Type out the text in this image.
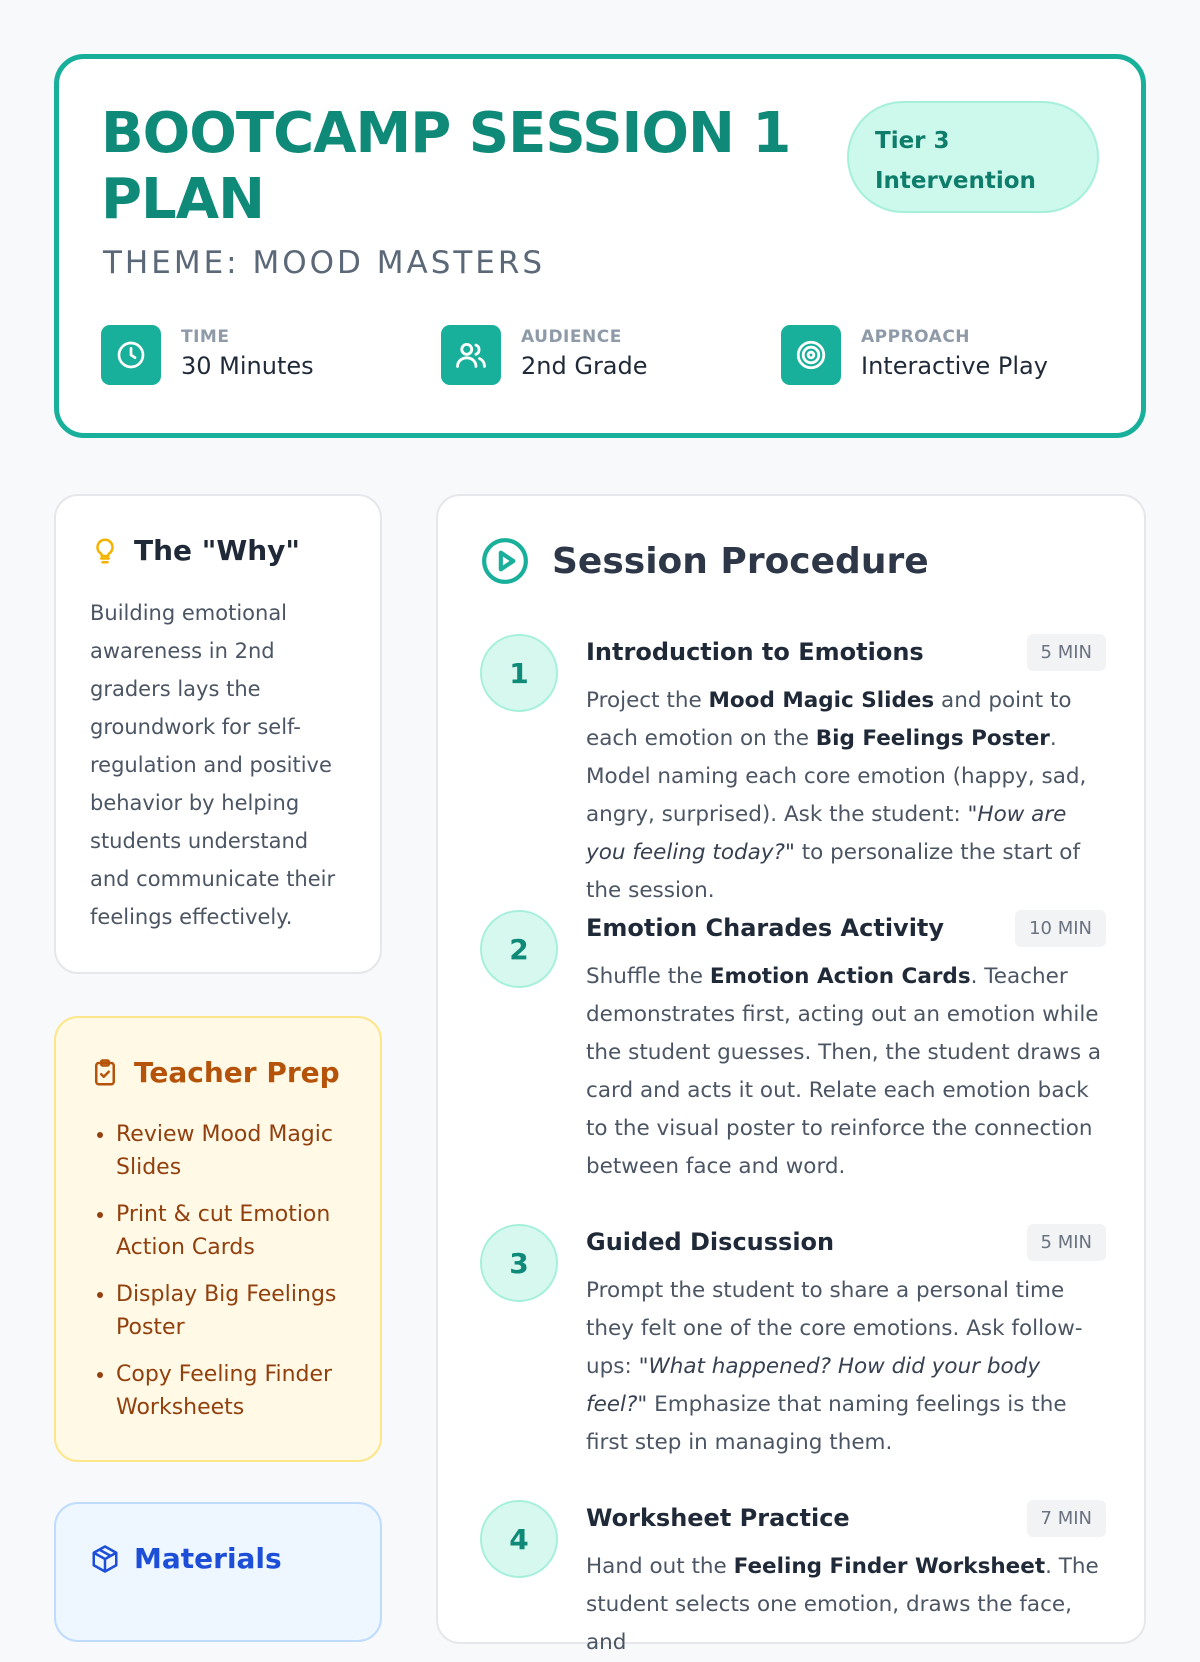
BOOTCAMP SESSION 1 PLAN
THEME: MOOD MASTERS
Tier 3
Intervention
TIME
30 Minutes
AUDIENCE
2nd Grade
APPROACH
Interactive Play
The "Why"
Building emotional awareness in 2nd graders lays the groundwork for self-regulation and positive behavior by helping students understand and communicate their feelings effectively.
Teacher Prep
• Review Mood Magic Slides
• Print & cut Emotion Action Cards
• Display Big Feelings Poster
• Copy Feeling Finder Worksheets
Materials
Session Procedure
1
Introduction to Emotions	5 MIN
Project the Mood Magic Slides and point to each emotion on the Big Feelings Poster. Model naming each core emotion (happy, sad, angry, surprised). Ask the student: "How are you feeling today?" to personalize the start of the session.
2
Emotion Charades Activity	10 MIN
Shuffle the Emotion Action Cards. Teacher demonstrates first, acting out an emotion while the student guesses. Then, the student draws a card and acts it out. Relate each emotion back to the visual poster to reinforce the connection between face and word.
3
Guided Discussion	5 MIN
Prompt the student to share a personal time they felt one of the core emotions. Ask follow-ups: "What happened? How did your body feel?" Emphasize that naming feelings is the first step in managing them.
4
Worksheet Practice	7 MIN
Hand out the Feeling Finder Worksheet. The student selects one emotion, draws the face, and
